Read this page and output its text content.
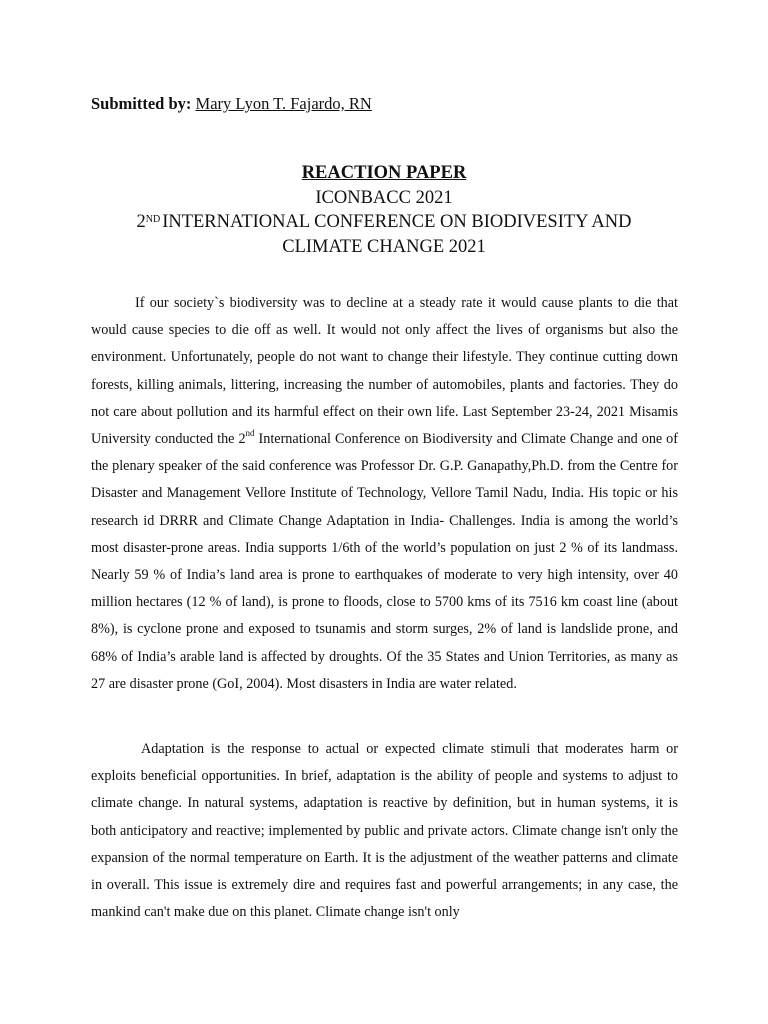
Submitted by: Mary Lyon T. Fajardo, RN
REACTION PAPER
ICONBACC 2021
2ND INTERNATIONAL CONFERENCE ON BIODIVESITY AND
CLIMATE CHANGE 2021

If our society`s biodiversity was to decline at a steady rate it would cause plants to die that would cause species to die off as well. It would not only affect the lives of organisms but also the environment. Unfortunately, people do not want to change their lifestyle. They continue cutting down forests, killing animals, littering, increasing the number of automobiles, plants and factories. They do not care about pollution and its harmful effect on their own life. Last September 23-24, 2021 Misamis University conducted the 2nd International Conference on Biodiversity and Climate Change and one of the plenary speaker of the said conference was Professor Dr. G.P. Ganapathy,Ph.D. from the Centre for Disaster and Management Vellore Institute of Technology, Vellore Tamil Nadu, India. His topic or his research id DRRR and Climate Change Adaptation in India- Challenges. India is among the world’s most disaster-prone areas. India supports 1/6th of the world’s population on just 2 % of its landmass. Nearly 59 % of India’s land area is prone to earthquakes of moderate to very high intensity, over 40 million hectares (12 % of land), is prone to floods, close to 5700 kms of its 7516 km coast line (about 8%), is cyclone prone and exposed to tsunamis and storm surges, 2% of land is landslide prone, and 68% of India’s arable land is affected by droughts. Of the 35 States and Union Territories, as many as 27 are disaster prone (GoI, 2004). Most disasters in India are water related.

Adaptation is the response to actual or expected climate stimuli that moderates harm or exploits beneficial opportunities. In brief, adaptation is the ability of people and systems to adjust to climate change. In natural systems, adaptation is reactive by definition, but in human systems, it is both anticipatory and reactive; implemented by public and private actors. Climate change isn't only the expansion of the normal temperature on Earth. It is the adjustment of the weather patterns and climate in overall. This issue is extremely dire and requires fast and powerful arrangements; in any case, the mankind can't make due on this planet. Climate change isn't only
